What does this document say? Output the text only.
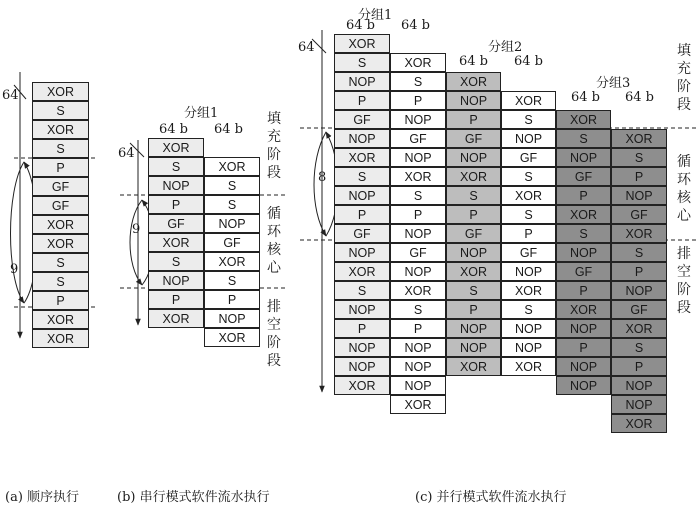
64
9
分组1
64 b 64 b
64
9
填
充
阶
段
循
环
核
心
排
空
阶
段
分组1
分组2
分组3
64 b 64 b
64 b 64 b
64 b 64 b
64
8
填
充
阶
段
循
环
核
心
排
空
阶
段
(a) 顺序执行	(b) 串行模式软件流水执行	(c) 并行模式软件流水执行
XOR
S
XOR
S
P
GF
GF
XOR
XOR
S
S
P
XOR
XOR
XOR
S
NOP
P
GF
XOR
S
NOP
P
XOR
XOR
S
S
NOP
GF
XOR
S
P
NOP
XOR
XOR
S
NOP
P
GF
NOP
XOR
S
NOP
P
GF
NOP
XOR
S
NOP
P
NOP
NOP
XOR
XOR
S
P
NOP
GF
NOP
XOR
S
P
NOP
GF
NOP
XOR
S
P
NOP
NOP
NOP
XOR
XOR
NOP
P
GF
NOP
XOR
S
P
GF
NOP
XOR
S
P
NOP
NOP
XOR
XOR
S
NOP
GF
S
XOR
S
P
GF
NOP
XOR
S
NOP
NOP
XOR
XOR
S
NOP
GF
P
XOR
S
NOP
GF
P
XOR
NOP
P
NOP
NOP
XOR
S
P
NOP
GF
XOR
S
P
NOP
GF
XOR
S
P
NOP
NOP
XOR
